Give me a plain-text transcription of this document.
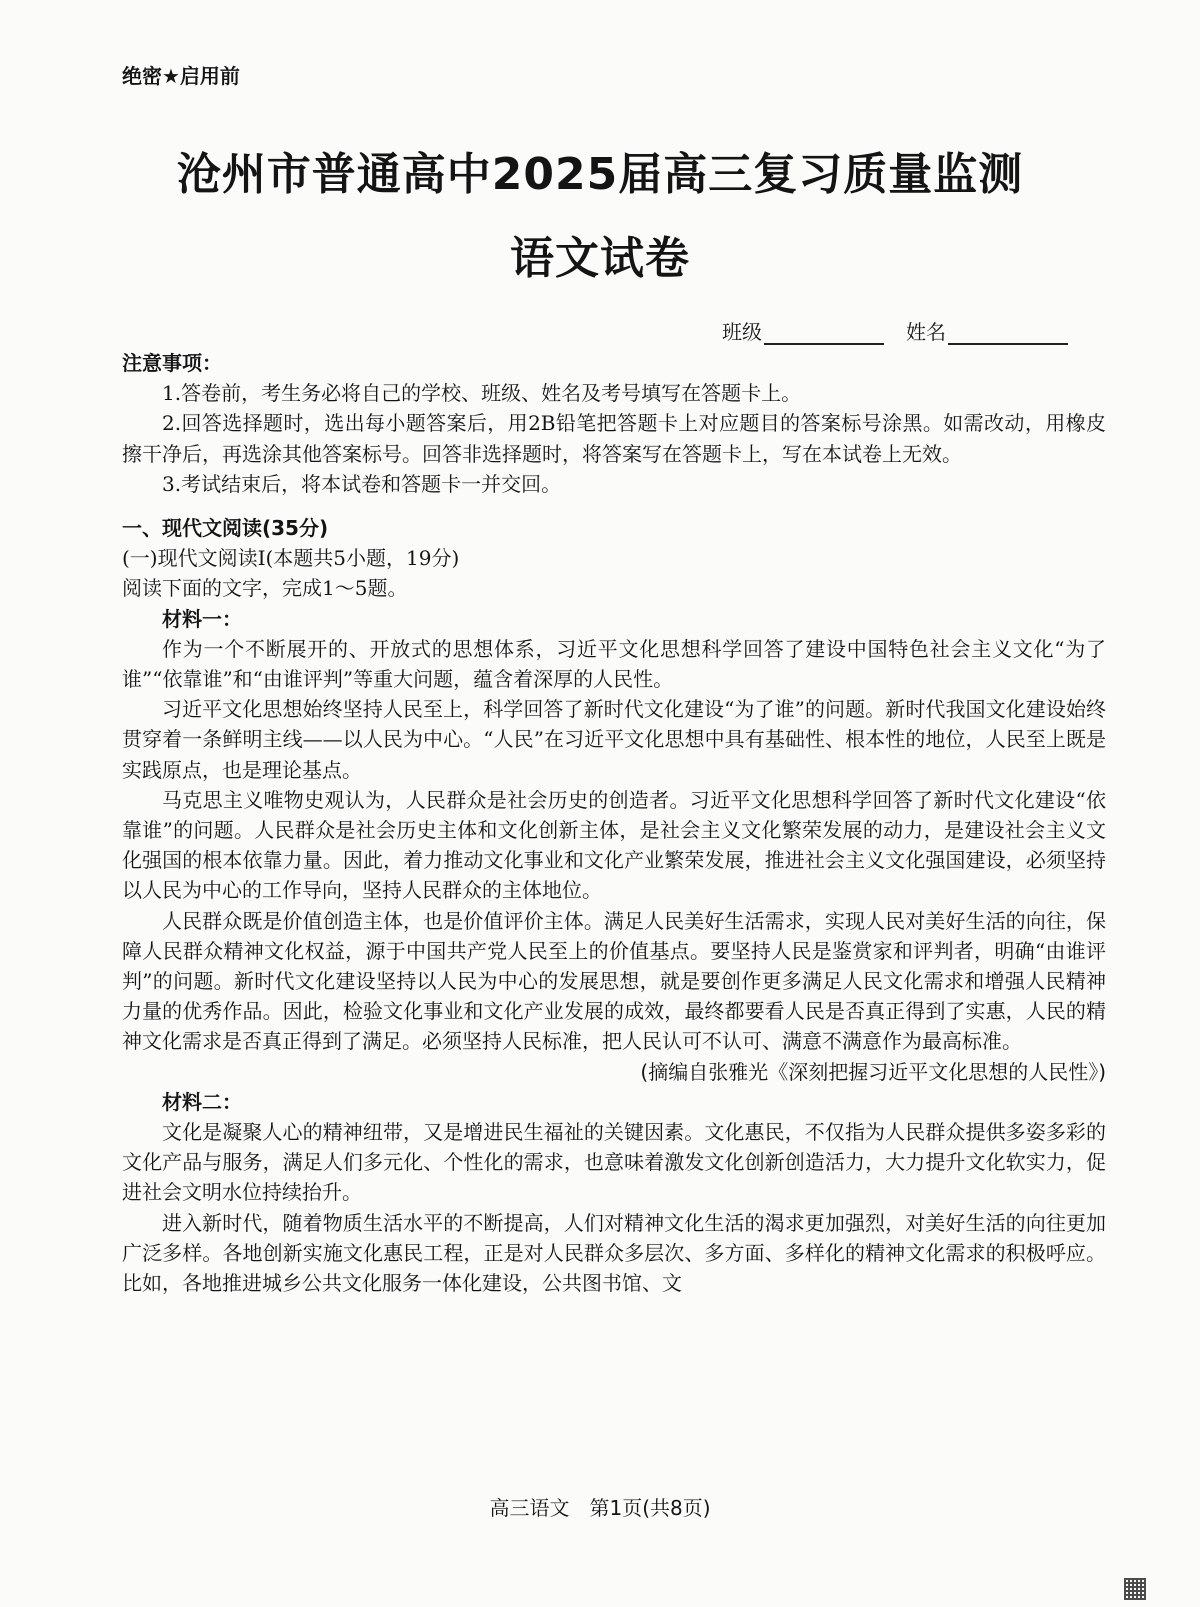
绝密★启用前
沧州市普通高中2025届高三复习质量监测
语文试卷
班级	姓名

注意事项：

1.答卷前，考生务必将自己的学校、班级、姓名及考号填写在答题卡上。

2.回答选择题时，选出每小题答案后，用2B铅笔把答题卡上对应题目的答案标号涂黑。如需改动，用橡皮擦干净后，再选涂其他答案标号。回答非选择题时，将答案写在答题卡上，写在本试卷上无效。

3.考试结束后，将本试卷和答题卡一并交回。

一、现代文阅读(35分)

(一)现代文阅读Ⅰ(本题共5小题，19分)

阅读下面的文字，完成1～5题。

材料一：

作为一个不断展开的、开放式的思想体系，习近平文化思想科学回答了建设中国特色社会主义文化“为了谁”“依靠谁”和“由谁评判”等重大问题，蕴含着深厚的人民性。

习近平文化思想始终坚持人民至上，科学回答了新时代文化建设“为了谁”的问题。新时代我国文化建设始终贯穿着一条鲜明主线——以人民为中心。“人民”在习近平文化思想中具有基础性、根本性的地位，人民至上既是实践原点，也是理论基点。

马克思主义唯物史观认为，人民群众是社会历史的创造者。习近平文化思想科学回答了新时代文化建设“依靠谁”的问题。人民群众是社会历史主体和文化创新主体，是社会主义文化繁荣发展的动力，是建设社会主义文化强国的根本依靠力量。因此，着力推动文化事业和文化产业繁荣发展，推进社会主义文化强国建设，必须坚持以人民为中心的工作导向，坚持人民群众的主体地位。

人民群众既是价值创造主体，也是价值评价主体。满足人民美好生活需求，实现人民对美好生活的向往，保障人民群众精神文化权益，源于中国共产党人民至上的价值基点。要坚持人民是鉴赏家和评判者，明确“由谁评判”的问题。新时代文化建设坚持以人民为中心的发展思想，就是要创作更多满足人民文化需求和增强人民精神力量的优秀作品。因此，检验文化事业和文化产业发展的成效，最终都要看人民是否真正得到了实惠，人民的精神文化需求是否真正得到了满足。必须坚持人民标准，把人民认可不认可、满意不满意作为最高标准。

(摘编自张雅光《深刻把握习近平文化思想的人民性》)

材料二：

文化是凝聚人心的精神纽带，又是增进民生福祉的关键因素。文化惠民，不仅指为人民群众提供多姿多彩的文化产品与服务，满足人们多元化、个性化的需求，也意味着激发文化创新创造活力，大力提升文化软实力，促进社会文明水位持续抬升。

进入新时代，随着物质生活水平的不断提高，人们对精神文化生活的渴求更加强烈，对美好生活的向往更加广泛多样。各地创新实施文化惠民工程，正是对人民群众多层次、多方面、多样化的精神文化需求的积极呼应。比如，各地推进城乡公共文化服务一体化建设，公共图书馆、文

高三语文　第1页(共8页)
